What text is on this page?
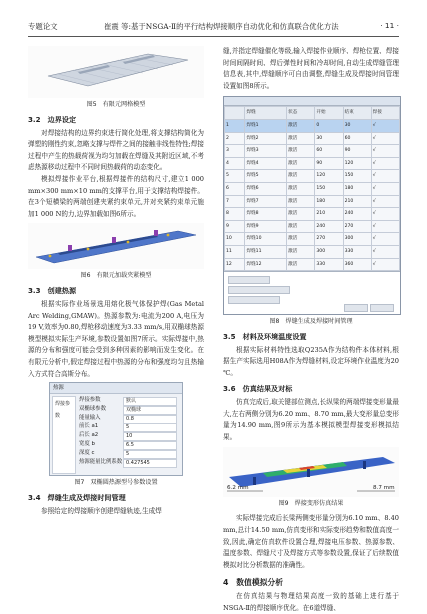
专题论文	崔震 等:基于NSGA-Ⅱ的平行结构焊接顺序自动优化和仿真联合优化方法	· 11 ·
图5　有限元网格模型
3.2　边界设定

对焊接结构的边界约束进行简化处理,将支撑结构简化为弹塑的刚性约束,忽略支撑与焊件之间的接触非线性特性;焊接过程中产生的热载荷视为均匀加载在焊缝及其附近区域,不考虑热源移动过程中不同时间热载荷的动态变化。

模拟焊接作业平台,根据焊接件的结构尺寸,建立1 000 mm×300 mm×10 mm的支撑平台,用于支撑结构焊接件。在3个短横梁的两端创建夹紧约束单元,并对夹紧约束单元施加1 000 N的力,边界加载如图6所示。

图6　有限元加载夹紧模型
3.3　创建热源

根据实际作业场景选用熔化极气体保护焊(Gas Metal Arc Welding,GMAW)。热源参数为:电流为200 A,电压为19 V,效率为0.80,焊枪移动速度为3.33 mm/s,用双椭球热源模型模拟实际生产环境,参数设置如图7所示。实际焊接中,热源的分布和强度可能会受到多种因素的影响而发生变化。在有限元分析中,假定焊接过程中热源的分布和强度均匀且热输入方式符合高斯分布。

热源
焊接参数
焊接参数	默认
双椭球参数	双椭球
能量输入	0.8
前长 a1	5
后长 a2	10
宽度 b	6.5
深度 c	5
热源能量比例系数 0.427545
图7　双椭圆热源型号参数设置
3.4　焊缝生成及焊接时间管理

参照给定的焊接顺序创建焊缝轨迹,生成焊

缝,并指定焊缝催化等级,输入焊接作业顺序、焊枪位置、焊接时间间隔时间、焊后弹性时间和冷却时间,自动生成焊缝管理信息表,其中,焊缝顺序可自由调整,焊缝生成及焊接时间管理设置如图8所示。

	焊缝	状态	开始	结束	焊接
1	焊缝1	激活	0	30	√
2	焊缝2	激活	30	60	√
3	焊缝3	激活	60	90	√
4	焊缝4	激活	90	120	√
5	焊缝5	激活	120	150	√
6	焊缝6	激活	150	180	√
7	焊缝7	激活	180	210	√
8	焊缝8	激活	210	240	√
9	焊缝9	激活	240	270	√
10	焊缝10	激活	270	300	√
11	焊缝11	激活	300	330	√
12	焊缝12	激活	330	360	√
图8　焊缝生成及焊接时间管理
3.5　材料及环境温度设置

根据实际材料特性选取Q235A作为结构件本体材料,根据生产实际选用H08A作为焊缝材料,设定环境作业温度为20 ℃。

3.6　仿真结果及对标

仿真完成后,取关键部位测点,长纵梁的两端焊接变形量最大,左右两侧分别为6.20 mm、8.70 mm,最大变形量总变形量为14.90 mm,图9所示为基本模拟模型焊接变形模拟结果。

6.2 mm	8.7 mm
图9　焊接变形仿真结果

实际焊接完成后长梁两侧变形量分别为6.10 mm、8.40 mm,总计14.50 mm,仿真变形和实际变形趋势和数值高度一致,因此,确定仿真软件设置合理,焊接电压参数、热源参数、温度参数、焊缝尺寸及焊接方式等参数设置,保证了后续数值模拟对比分析数据的准确性。

4　数值模拟分析

在仿真结果与物理结果高度一致的基础上进行基于NSGA-Ⅱ的焊接顺序优化。在6道焊缝、
